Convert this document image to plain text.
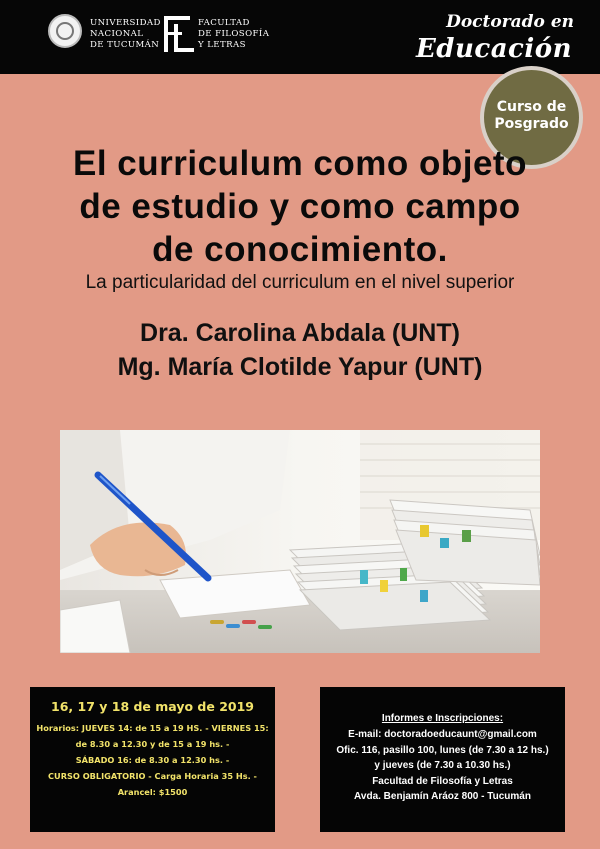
UNIVERSIDAD
NACIONAL
DE TUCUMÁN
FACULTAD
DE FILOSOFÍA
Y LETRAS
Doctorado en
Educación
Curso de
Posgrado
El curriculum como objeto
de estudio y como campo
de conocimiento.
La particularidad del curriculum en el nivel superior
Dra. Carolina Abdala (UNT)
Mg. María Clotilde Yapur (UNT)
16, 17 y 18 de mayo de 2019
Horarios: JUEVES 14: de 15 a 19 HS. - VIERNES 15:
de 8.30 a 12.30 y de 15 a 19 hs. -
SÁBADO 16: de 8.30 a 12.30 hs. -
CURSO OBLIGATORIO - Carga Horaria 35 Hs. -
Arancel: $1500
Informes e Inscripciones:
E-mail: doctoradoeducaunt@gmail.com
Ofic. 116, pasillo 100, lunes (de 7.30 a 12 hs.)
y jueves (de 7.30 a 10.30 hs.)
Facultad de Filosofía y Letras
Avda. Benjamín Aráoz 800 - Tucumán
